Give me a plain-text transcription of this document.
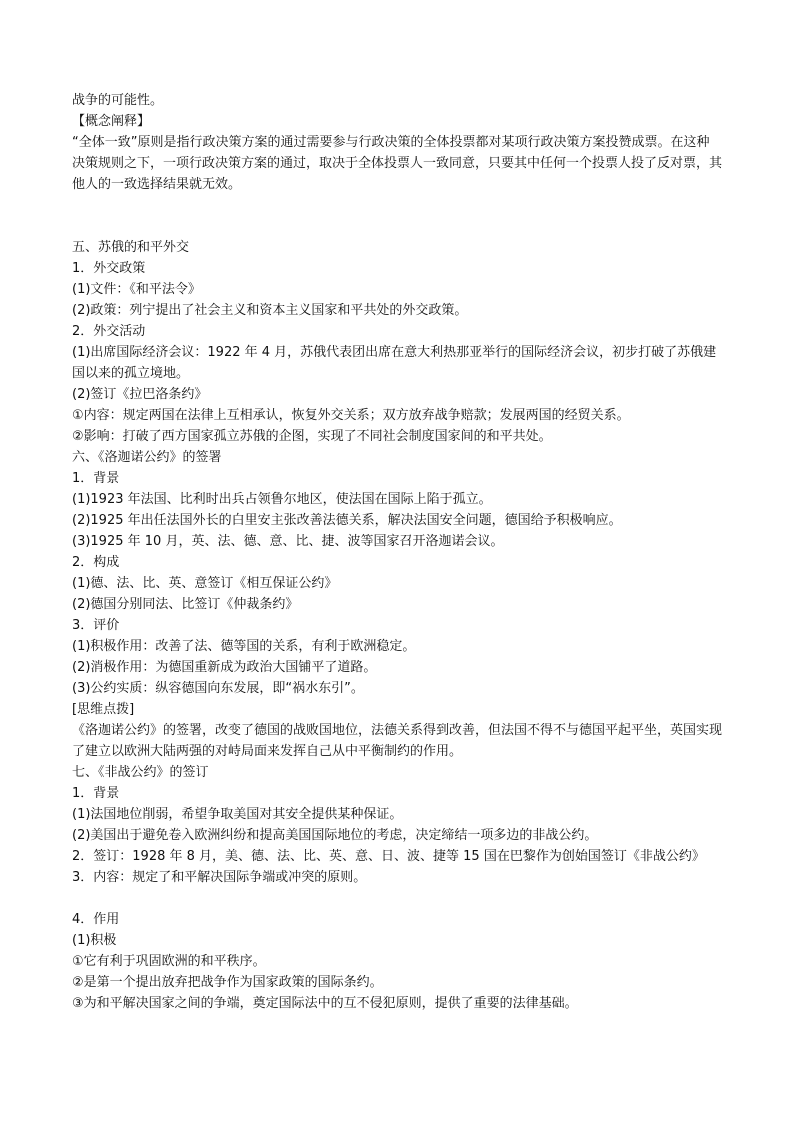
战争的可能性。

【概念阐释】

“全体一致”原则是指行政决策方案的通过需要参与行政决策的全体投票都对某项行政决策方案投赞成票。在这种决策规则之下，一项行政决策方案的通过，取决于全体投票人一致同意，只要其中任何一个投票人投了反对票，其他人的一致选择结果就无效。

五、苏俄的和平外交

1．外交政策

(1)文件：《和平法令》

(2)政策：列宁提出了社会主义和资本主义国家和平共处的外交政策。

2．外交活动

(1)出席国际经济会议：1922 年 4 月，苏俄代表团出席在意大利热那亚举行的国际经济会议，初步打破了苏俄建国以来的孤立境地。

(2)签订《拉巴洛条约》

①内容：规定两国在法律上互相承认，恢复外交关系；双方放弃战争赔款；发展两国的经贸关系。

②影响：打破了西方国家孤立苏俄的企图，实现了不同社会制度国家间的和平共处。

六、《洛迦诺公约》的签署

1．背景

(1)1923 年法国、比利时出兵占领鲁尔地区，使法国在国际上陷于孤立。

(2)1925 年出任法国外长的白里安主张改善法德关系，解决法国安全问题，德国给予积极响应。

(3)1925 年 10 月，英、法、德、意、比、捷、波等国家召开洛迦诺会议。

2．构成

(1)德、法、比、英、意签订《相互保证公约》

(2)德国分别同法、比签订《仲裁条约》

3．评价

(1)积极作用：改善了法、德等国的关系，有利于欧洲稳定。

(2)消极作用：为德国重新成为政治大国铺平了道路。

(3)公约实质：纵容德国向东发展，即“祸水东引”。

[思维点拨]

《洛迦诺公约》的签署，改变了德国的战败国地位，法德关系得到改善，但法国不得不与德国平起平坐，英国实现了建立以欧洲大陆两强的对峙局面来发挥自己从中平衡制约的作用。

七、《非战公约》的签订

1．背景

(1)法国地位削弱，希望争取美国对其安全提供某种保证。

(2)美国出于避免卷入欧洲纠纷和提高美国国际地位的考虑，决定缔结一项多边的非战公约。

2．签订：1928 年 8 月，美、德、法、比、英、意、日、波、捷等 15 国在巴黎作为创始国签订《非战公约》

3．内容：规定了和平解决国际争端或冲突的原则。

4．作用

(1)积极

①它有利于巩固欧洲的和平秩序。

②是第一个提出放弃把战争作为国家政策的国际条约。

③为和平解决国家之间的争端，奠定国际法中的互不侵犯原则，提供了重要的法律基础。
